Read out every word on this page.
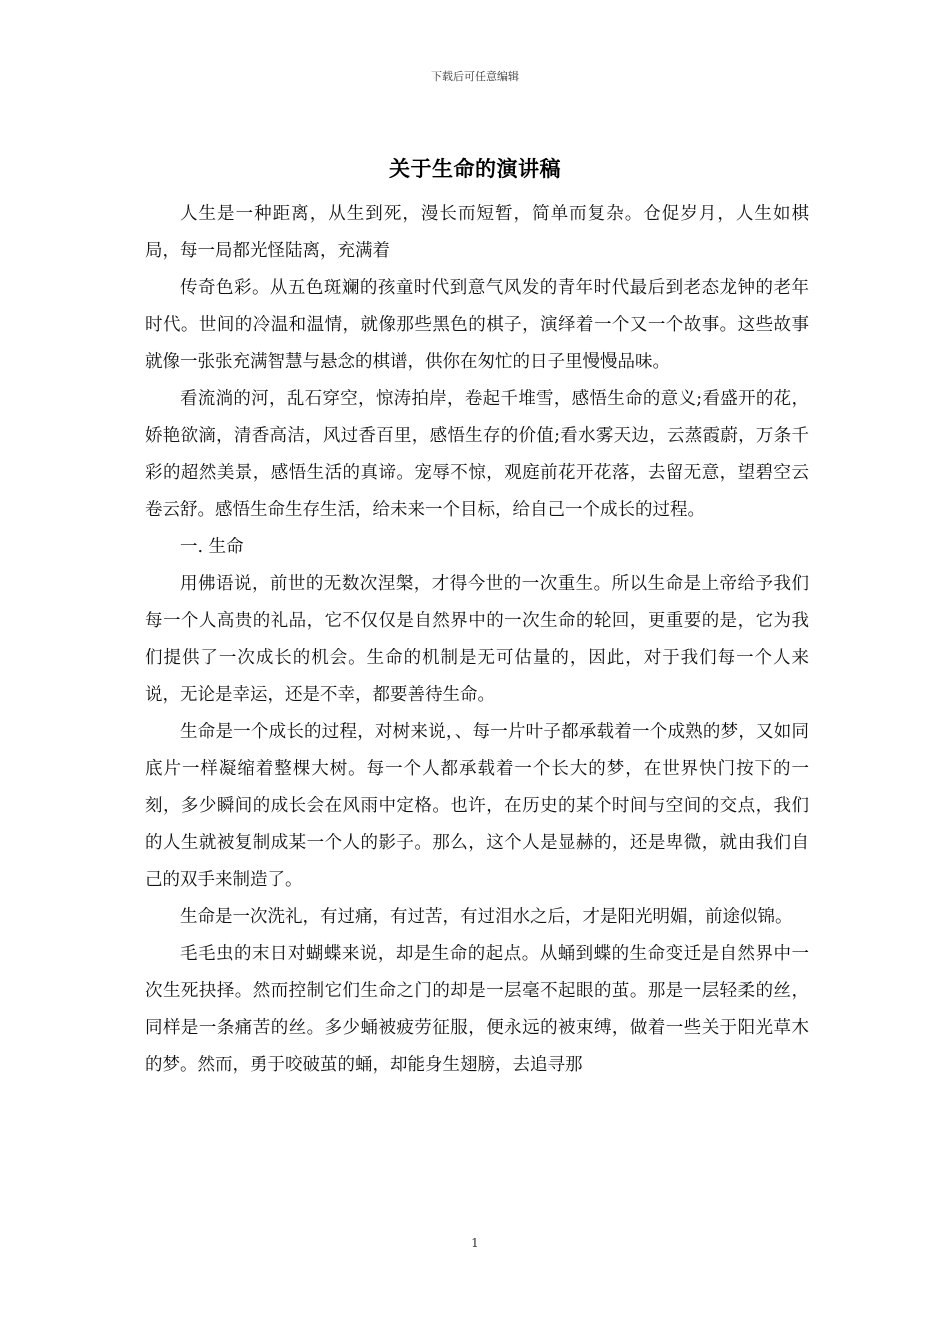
下载后可任意编辑
关于生命的演讲稿

人生是一种距离，从生到死，漫长而短暂，简单而复杂。仓促岁月，人生如棋局，每一局都光怪陆离，充满着

传奇色彩。从五色斑斓的孩童时代到意气风发的青年时代最后到老态龙钟的老年时代。世间的冷温和温情，就像那些黑色的棋子，演绎着一个又一个故事。这些故事就像一张张充满智慧与悬念的棋谱，供你在匆忙的日子里慢慢品味。

看流淌的河，乱石穿空，惊涛拍岸，卷起千堆雪，感悟生命的意义;看盛开的花，娇艳欲滴，清香高洁，风过香百里，感悟生存的价值;看水雾天边，云蒸霞蔚，万条千彩的超然美景，感悟生活的真谛。宠辱不惊，观庭前花开花落，去留无意，望碧空云卷云舒。感悟生命生存生活，给未来一个目标，给自己一个成长的过程。

一. 生命

用佛语说，前世的无数次涅槃，才得今世的一次重生。所以生命是上帝给予我们每一个人高贵的礼品，它不仅仅是自然界中的一次生命的轮回，更重要的是，它为我们提供了一次成长的机会。生命的机制是无可估量的，因此，对于我们每一个人来说，无论是幸运，还是不幸，都要善待生命。

生命是一个成长的过程，对树来说，、每一片叶子都承载着一个成熟的梦，又如同底片一样凝缩着整棵大树。每一个人都承载着一个长大的梦，在世界快门按下的一刻，多少瞬间的成长会在风雨中定格。也许，在历史的某个时间与空间的交点，我们的人生就被复制成某一个人的影子。那么，这个人是显赫的，还是卑微，就由我们自己的双手来制造了。

生命是一次洗礼，有过痛，有过苦，有过泪水之后，才是阳光明媚，前途似锦。

毛毛虫的末日对蝴蝶来说，却是生命的起点。从蛹到蝶的生命变迁是自然界中一次生死抉择。然而控制它们生命之门的却是一层毫不起眼的茧。那是一层轻柔的丝，同样是一条痛苦的丝。多少蛹被疲劳征服，便永远的被束缚，做着一些关于阳光草木的梦。然而，勇于咬破茧的蛹，却能身生翅膀，去追寻那

1
